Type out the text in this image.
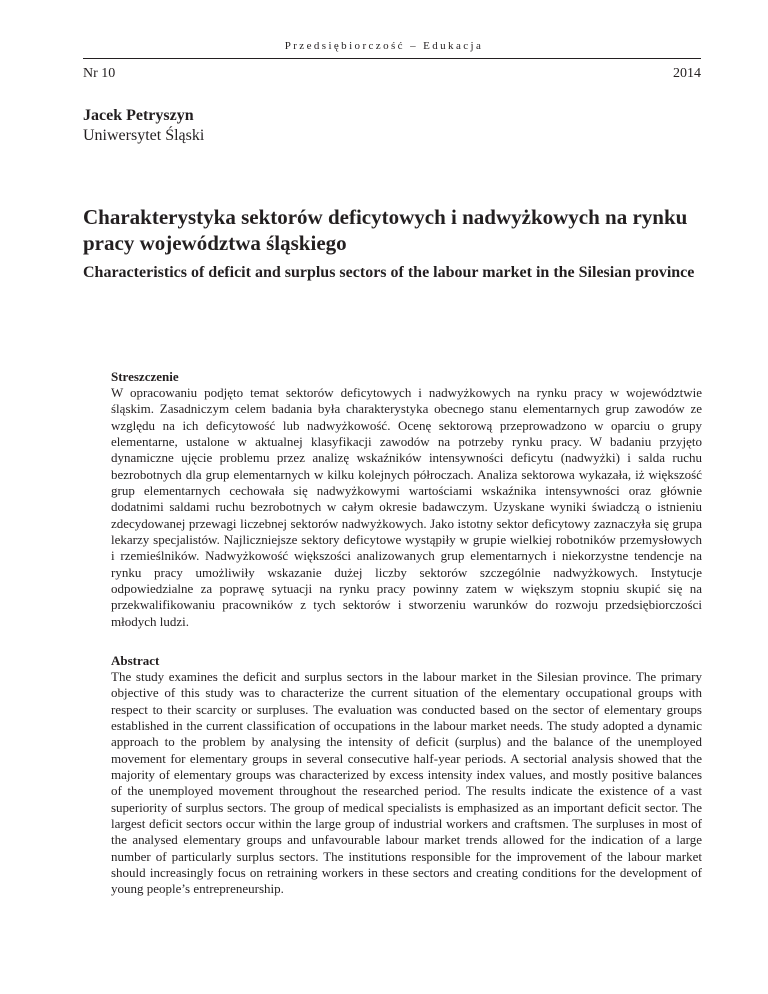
Przedsiębiorczość – Edukacja
Nr 10	2014
Jacek Petryszyn
Uniwersytet Śląski
Charakterystyka sektorów deficytowych i nadwyżkowych na rynku pracy województwa śląskiego
Characteristics of deficit and surplus sectors of the labour market in the Silesian province
Streszczenie

W opracowaniu podjęto temat sektorów deficytowych i nadwyżkowych na rynku pracy w województwie śląskim. Zasadniczym celem badania była charakterystyka obecnego stanu elementarnych grup zawodów ze względu na ich deficytowość lub nadwyżkowość. Ocenę sektorową przeprowadzono w oparciu o grupy elementarne, ustalone w aktualnej klasyfikacji zawodów na potrzeby rynku pracy. W badaniu przyjęto dynamiczne ujęcie problemu przez analizę wskaźników intensywności deficytu (nadwyżki) i salda ruchu bezrobotnych dla grup elementarnych w kilku kolejnych półroczach. Analiza sektorowa wykazała, iż większość grup elementarnych cechowała się nadwyżkowymi wartościami wskaźnika intensywności oraz głównie dodatnimi saldami ruchu bezrobotnych w całym okresie badawczym. Uzyskane wyniki świadczą o istnieniu zdecydowanej przewagi liczebnej sektorów nadwyżkowych. Jako istotny sektor deficytowy zaznaczyła się grupa lekarzy specjalistów. Najliczniejsze sektory deficytowe wystąpiły w grupie wielkiej robotników przemysłowych i rzemieślników. Nadwyżkowość większości analizowanych grup elementarnych i niekorzystne tendencje na rynku pracy umożliwiły wskazanie dużej liczby sektorów szczególnie nadwyżkowych. Instytucje odpowiedzialne za poprawę sytuacji na rynku pracy powinny zatem w większym stopniu skupić się na przekwalifikowaniu pracowników z tych sektorów i stworzeniu warunków do rozwoju przedsiębiorczości młodych ludzi.

Abstract

The study examines the deficit and surplus sectors in the labour market in the Silesian province. The primary objective of this study was to characterize the current situation of the elementary occupational groups with respect to their scarcity or surpluses. The evaluation was conducted based on the sector of elementary groups established in the current classification of occupations in the labour market needs. The study adopted a dynamic approach to the problem by analysing the intensity of deficit (surplus) and the balance of the unemployed movement for elementary groups in several consecutive half-year periods. A sectorial analysis showed that the majority of elementary groups was characterized by excess intensity index values, and mostly positive balances of the unemployed movement throughout the researched period. The results indicate the existence of a vast superiority of surplus sectors. The group of medical specialists is emphasized as an important deficit sector. The largest deficit sectors occur within the large group of industrial workers and craftsmen. The surpluses in most of the analysed elementary groups and unfavourable labour market trends allowed for the indication of a large number of particularly surplus sectors. The institutions responsible for the improvement of the labour market should increasingly focus on retraining workers in these sectors and creating conditions for the development of young people’s entrepreneurship.
